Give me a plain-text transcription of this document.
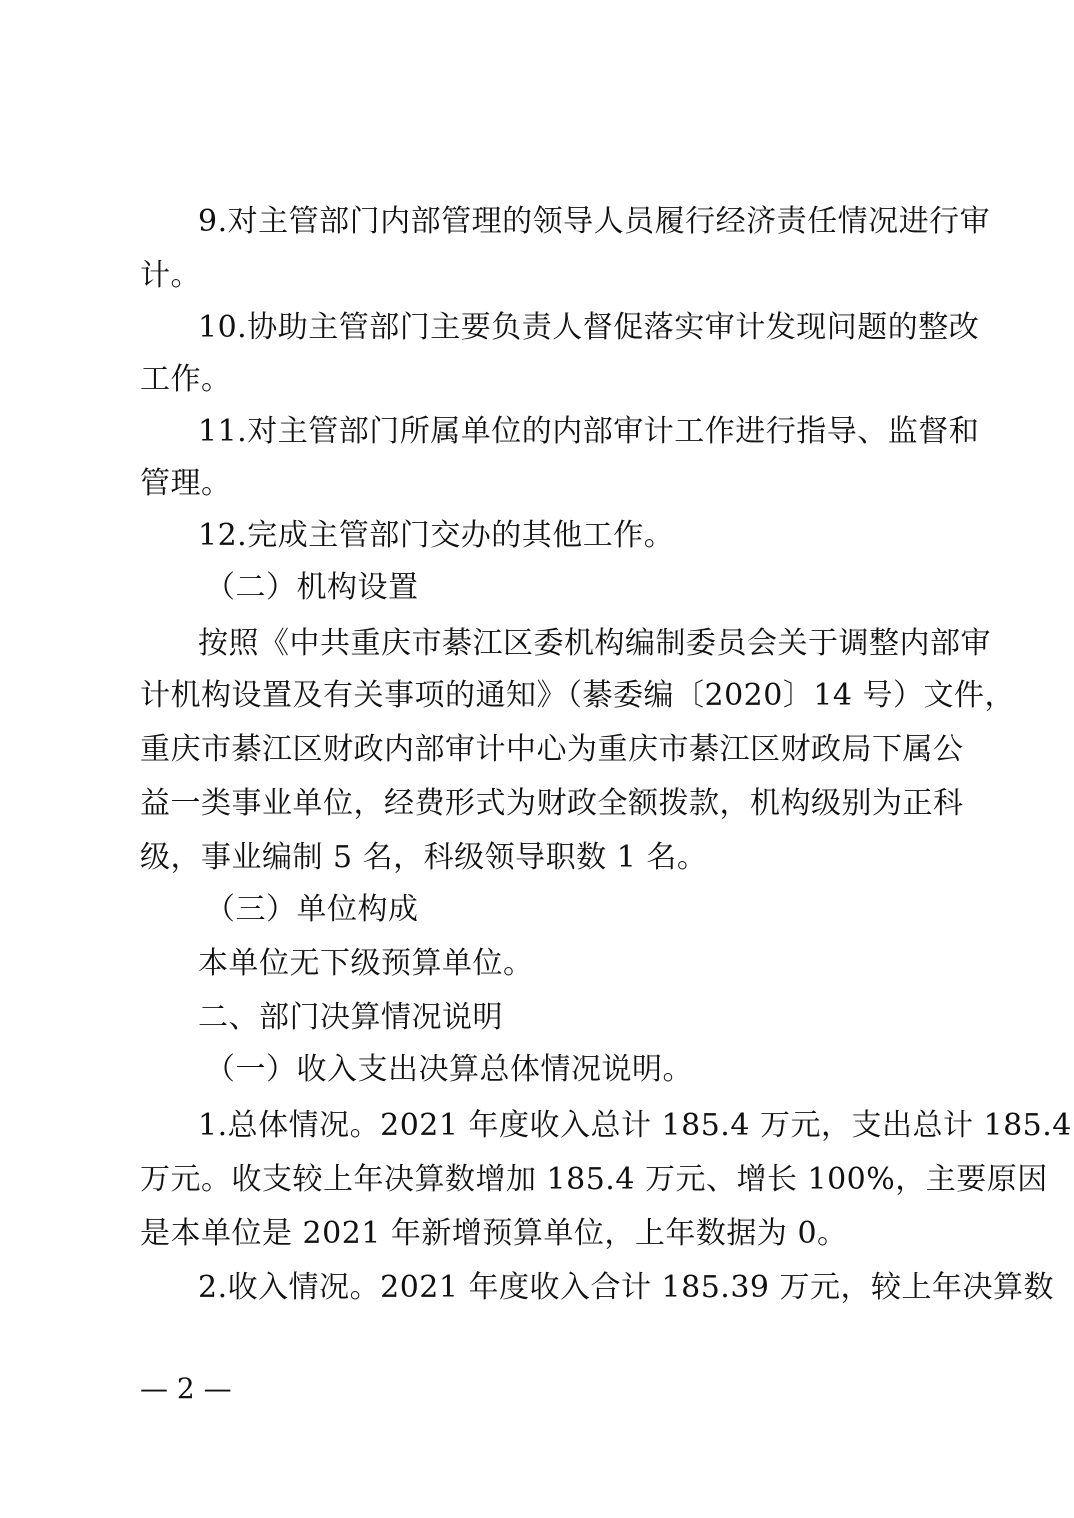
9.对主管部门内部管理的领导人员履行经济责任情况进行审
计。
10.协助主管部门主要负责人督促落实审计发现问题的整改
工作。
11.对主管部门所属单位的内部审计工作进行指导、监督和
管理。
12.完成主管部门交办的其他工作。
（二）机构设置
按照《中共重庆市綦江区委机构编制委员会关于调整内部审
计机构设置及有关事项的通知》（綦委编〔2020〕14 号）文件，
重庆市綦江区财政内部审计中心为重庆市綦江区财政局下属公
益一类事业单位，经费形式为财政全额拨款，机构级别为正科
级，事业编制 5 名，科级领导职数 1 名。
（三）单位构成
本单位无下级预算单位。
二、部门决算情况说明
（一）收入支出决算总体情况说明。
1.总体情况。2021 年度收入总计 185.4 万元，支出总计 185.4
万元。收支较上年决算数增加 185.4 万元、增长 100%，主要原因
是本单位是 2021 年新增预算单位，上年数据为 0。
2.收入情况。2021 年度收入合计 185.39 万元，较上年决算数
— 2 —
